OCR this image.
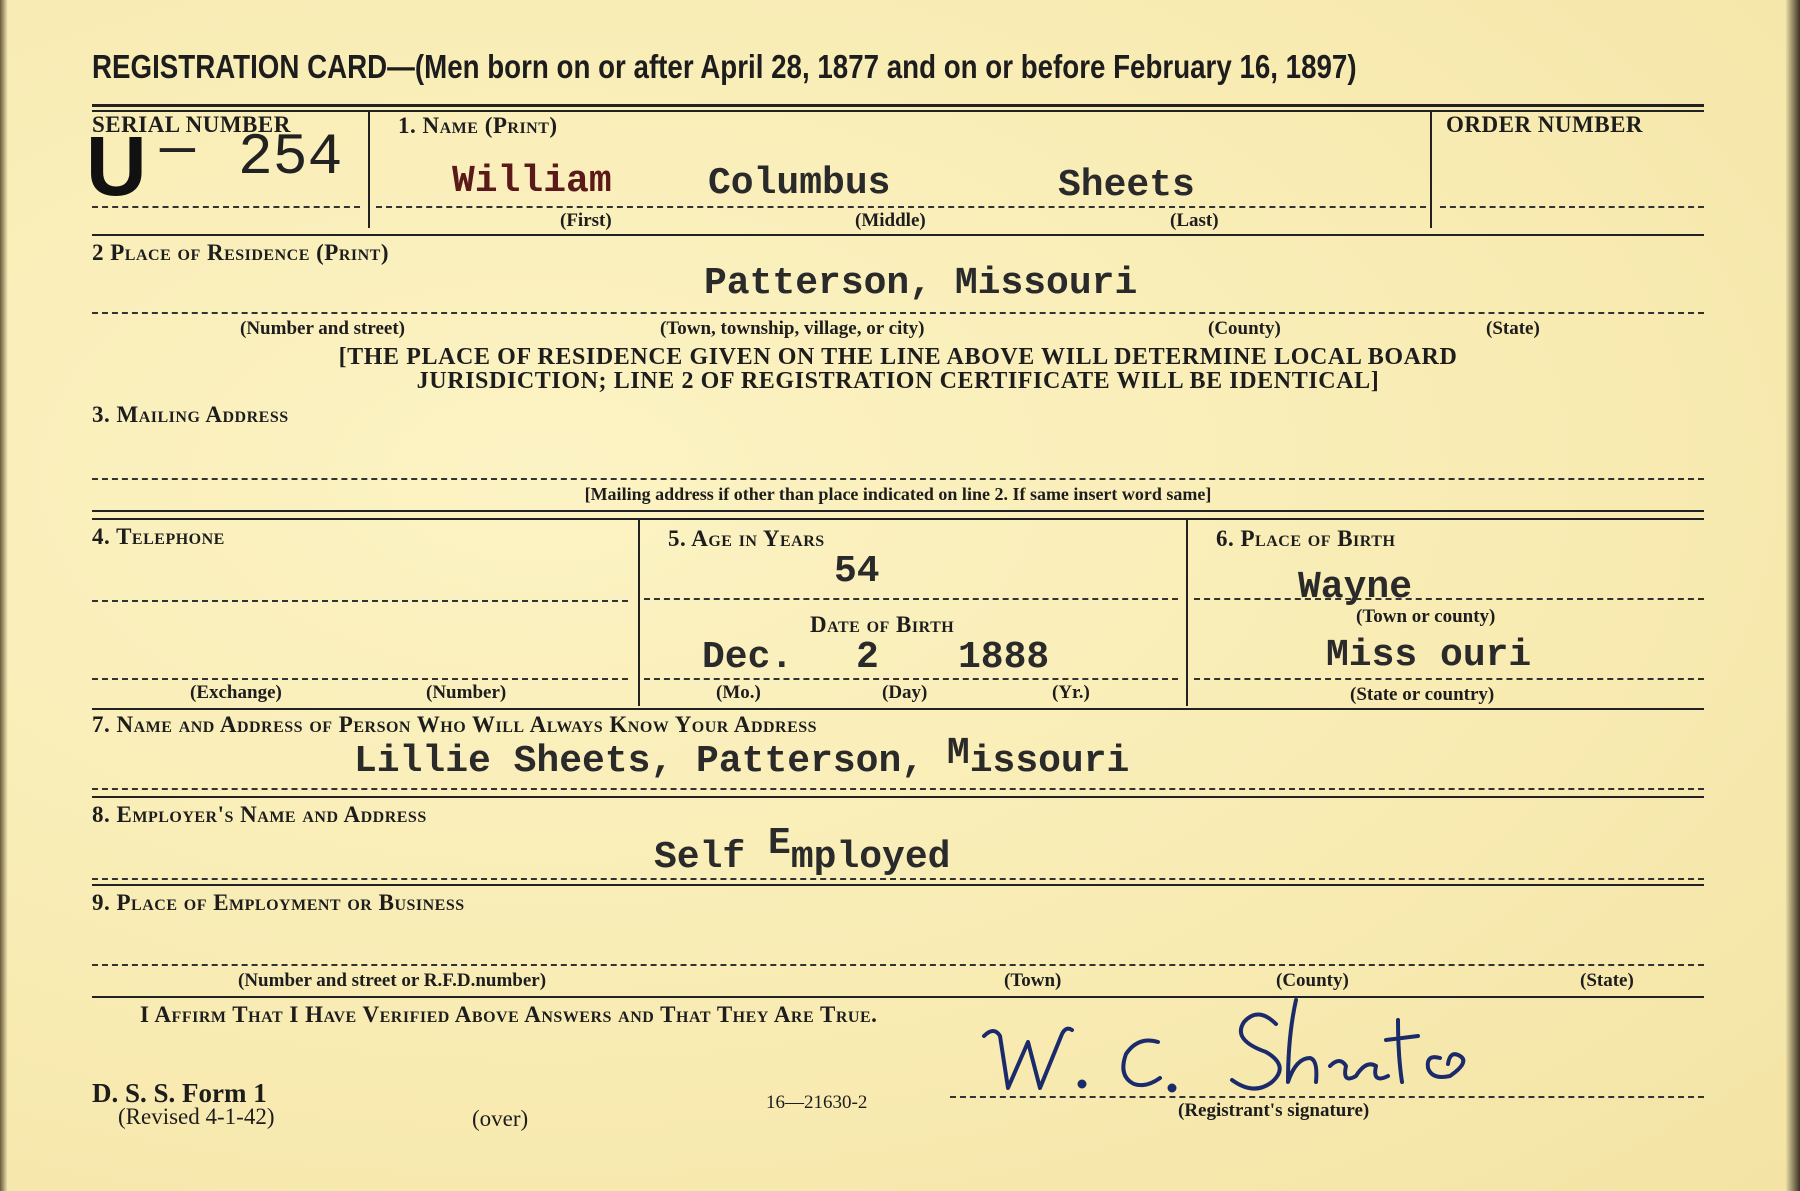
REGISTRATION CARD—(Men born on or after April 28, 1877 and on or before February 16, 1897)
SERIAL NUMBER
U — 254
1. Name (Print)
William	Columbus	Sheets
(First)	(Middle)	(Last)
ORDER NUMBER
2 Place of Residence (Print)
Patterson, Missouri
(Number and street)	(Town, township, village, or city)	(County)	(State)
[THE PLACE OF RESIDENCE GIVEN ON THE LINE ABOVE WILL DETERMINE LOCAL BOARD
JURISDICTION; LINE 2 OF REGISTRATION CERTIFICATE WILL BE IDENTICAL]
3. Mailing Address
[Mailing address if other than place indicated on line 2. If same insert word same]
4. Telephone
(Exchange)	(Number)
5. Age in Years
54
Date of Birth
Dec. 2 1888
(Mo.)	(Day)	(Yr.)
6. Place of Birth
Wayne
(Town or county)
Miss ouri
(State or country)
7. Name and Address of Person Who Will Always Know Your Address
Lillie Sheets, Patterson, Missouri
8. Employer's Name and Address
Self Employed
9. Place of Employment or Business
(Number and street or R.F.D.number)	(Town)	(County)	(State)
I Affirm That I Have Verified Above Answers and That They Are True.
(Registrant's signature)
D. S. S. Form 1
(Revised 4-1-42)	(over)
16—21630-2
